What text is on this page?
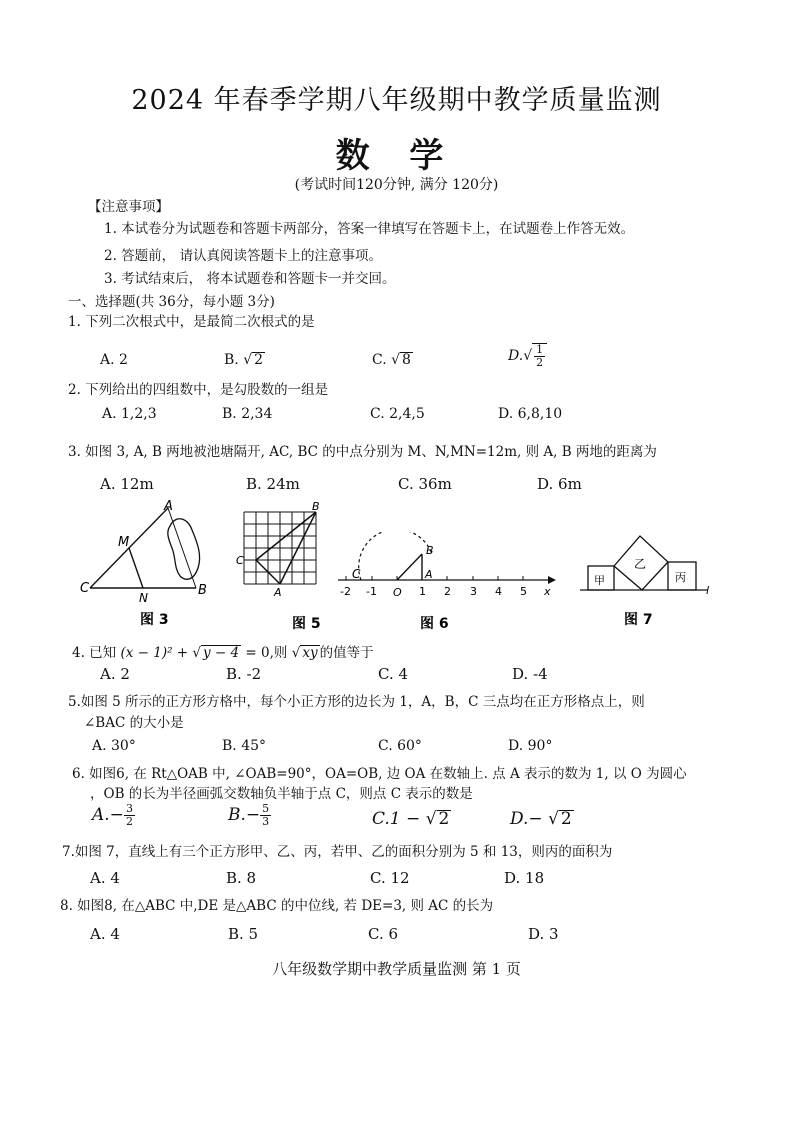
2024 年春季学期八年级期中教学质量监测
数 学
(考试时间120分钟, 满分 120分)
【注意事项】
1. 本试卷分为试题卷和答题卡两部分，答案一律填写在答题卡上，在试题卷上作答无效。
2. 答题前， 请认真阅读答题卡上的注意事项。
3. 考试结束后， 将本试题卷和答题卡一并交回。
一、选择题(共 36分，每小题 3分)
1. 下列二次根式中，是最简二次根式的是
A. 2	B. √ 2	C. √ 8	$D.√ \frac{1}{2}$
2. 下列给出的四组数中，是勾股数的一组是
A. 1,2,3	B. 2,34	C. 2,4,5	D. 6,8,10
3. 如图 3, A, B 两地被池塘隔开, AC, BC 的中点分别为 M、N,MN=12m, 则 A, B 两地的距离为
A. 12m	B. 24m	C. 36m	D. 6m
A
M
C
N	B
图 3
B
C
A
图 5
C
B
A
-2 -1 O 1 2 3 4 5 x
图 6
甲
乙
丙
l
图 7
4. 已知 (x − 1)² + √ y − 4 = 0,则 √ xy 的值等于
A. 2	B. -2	C. 4	D. -4
5.如图 5 所示的正方形方格中，每个小正方形的边长为 1，A，B，C 三点均在正方形格点上，则
∠BAC 的大小是
A. 30°	B. 45°	C. 60°	D. 90°
6. 如图6, 在 Rt△OAB 中, ∠OAB=90°，OA=OB, 边 OA 在数轴上. 点 A 表示的数为 1, 以 O 为圆心
，OB 的长为半径画弧交数轴负半轴于点 C，则点 C 表示的数是
$A.- \frac{3}{2}$	$B.- \frac{5}{3}$	C.1 − √ 2	D.− √ 2
7.如图 7，直线上有三个正方形甲、乙、丙，若甲、乙的面积分别为 5 和 13，则丙的面积为
A. 4	B. 8	C. 12	D. 18
8. 如图8, 在△ABC 中,DE 是△ABC 的中位线, 若 DE=3, 则 AC 的长为
A. 4	B. 5	C. 6	D. 3
八年级数学期中教学质量监测 第 1 页
